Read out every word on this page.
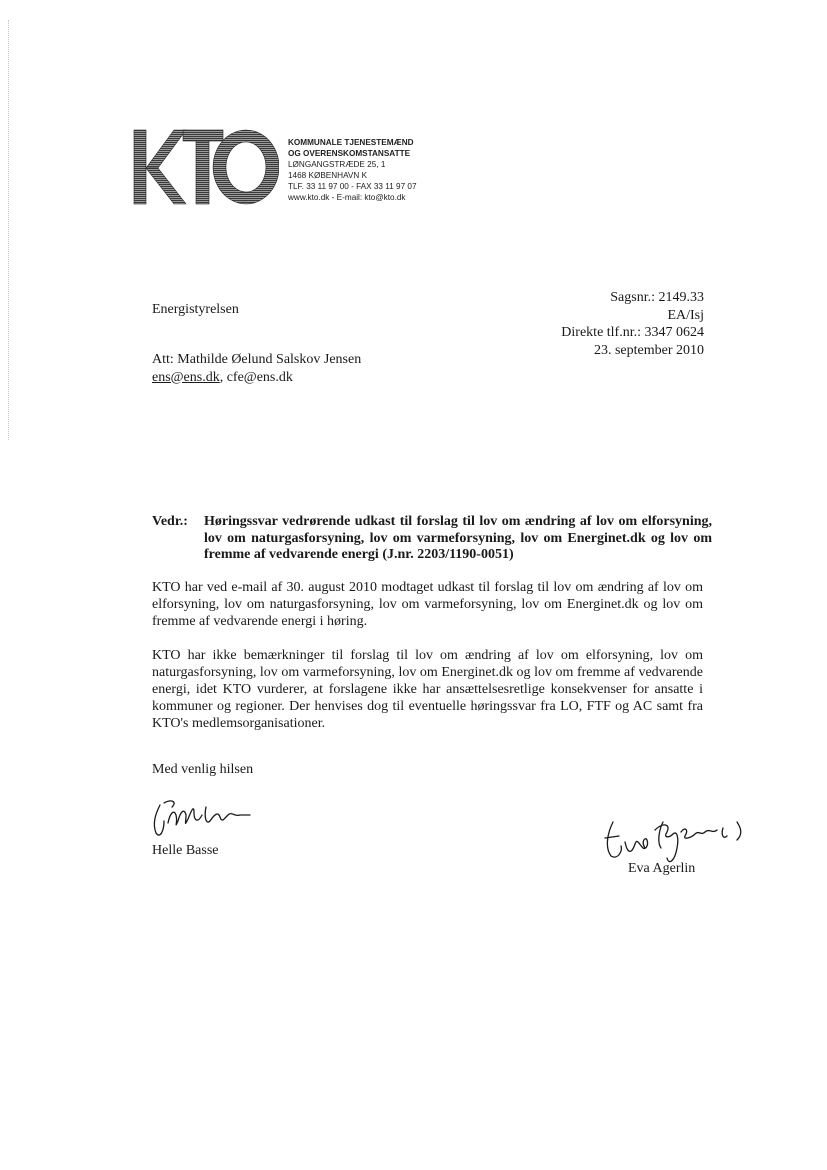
KOMMUNALE TJENESTEMÆND
OG OVERENSKOMSTANSATTE
LØNGANGSTRÆDE 25, 1
1468 KØBENHAVN K
TLF. 33 11 97 00 - FAX 33 11 97 07
www.kto.dk - E-mail: kto@kto.dk
Energistyrelsen
Sagsnr.: 2149.33
EA/Isj
Direkte tlf.nr.: 3347 0624
23. september 2010
Att: Mathilde Øelund Salskov Jensen
ens@ens.dk, cfe@ens.dk
Vedr.: Høringssvar vedrørende udkast til forslag til lov om ændring af lov om elforsyning, lov om naturgasforsyning, lov om varmeforsyning, lov om Energinet.dk og lov om fremme af vedvarende energi (J.nr. 2203/1190-0051)
KTO har ved e-mail af 30. august 2010 modtaget udkast til forslag til lov om ændring af lov om elforsyning, lov om naturgasforsyning, lov om varmeforsyning, lov om Energinet.dk og lov om fremme af vedvarende energi i høring.
KTO har ikke bemærkninger til forslag til lov om ændring af lov om elforsyning, lov om naturgasforsyning, lov om varmeforsyning, lov om Energinet.dk og lov om fremme af vedvarende energi, idet KTO vurderer, at forslagene ikke har ansættelsesretlige konsekvenser for ansatte i kommuner og regioner. Der henvises dog til eventuelle høringssvar fra LO, FTF og AC samt fra KTO's medlemsorganisationer.
Med venlig hilsen
Helle Basse
Eva Agerlin
